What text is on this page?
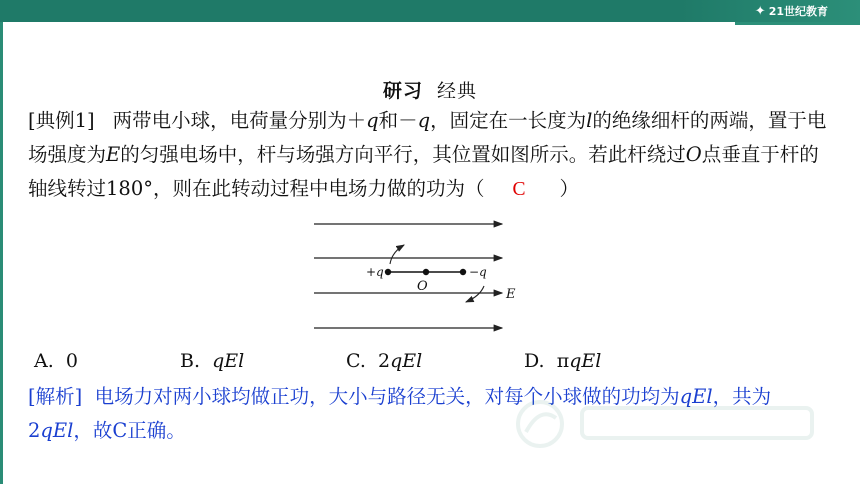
✦ 21世纪教育
研习 经典
[典例1] 两带电小球，电荷量分别为＋q和－q，固定在一长度为l的绝缘细杆的两端，置于电场强度为E的匀强电场中，杆与场强方向平行，其位置如图所示。若此杆绕过O点垂直于杆的轴线转过180°，则在此转动过程中电场力做的功为（ C ）
+q
O
−q
E
A. 0	B. qEl	C. 2qEl	D. πqEl
[解析] 电场力对两小球均做正功，大小与路径无关，对每个小球做的功均为qEl，共为2qEl，故C正确。
